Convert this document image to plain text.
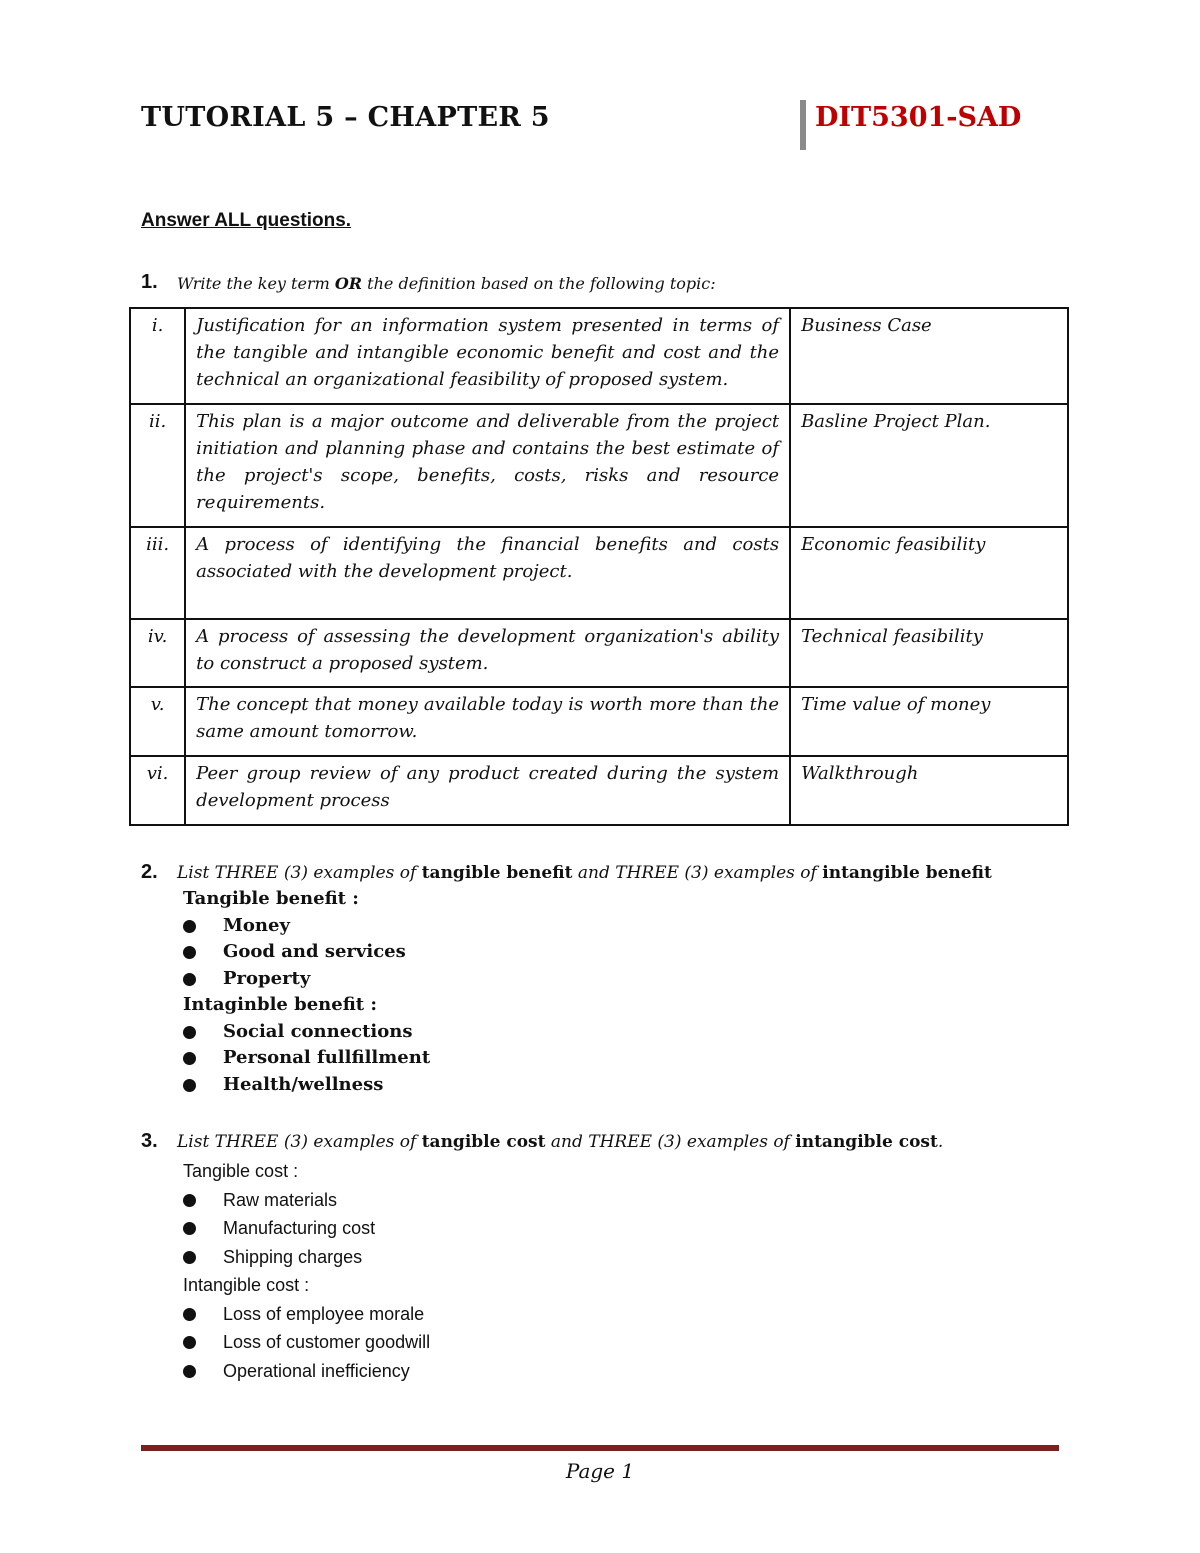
TUTORIAL 5 – CHAPTER 5	DIT5301-SAD
Answer ALL questions.
1. Write the key term OR the definition based on the following topic:
i.	Justification for an information system presented in terms of the tangible and intangible economic benefit and cost and the technical an organizational feasibility of proposed system.	Business Case
ii.	This plan is a major outcome and deliverable from the project initiation and planning phase and contains the best estimate of the project's scope, benefits, costs, risks and resource requirements.	Basline Project Plan.
iii.	A process of identifying the financial benefits and costs associated with the development project.	Economic feasibility
iv.	A process of assessing the development organization's ability to construct a proposed system.	Technical feasibility
v.	The concept that money available today is worth more than the same amount tomorrow.	Time value of money
vi.	Peer group review of any product created during the system development process	Walkthrough
2. List THREE (3) examples of tangible benefit and THREE (3) examples of intangible benefit
Tangible benefit :
Money
Good and services
Property
Intaginble benefit :
Social connections
Personal fullfillment
Health/wellness
3. List THREE (3) examples of tangible cost and THREE (3) examples of intangible cost.
Tangible cost :
Raw materials
Manufacturing cost
Shipping charges
Intangible cost :
Loss of employee morale
Loss of customer goodwill
Operational inefficiency
Page 1
